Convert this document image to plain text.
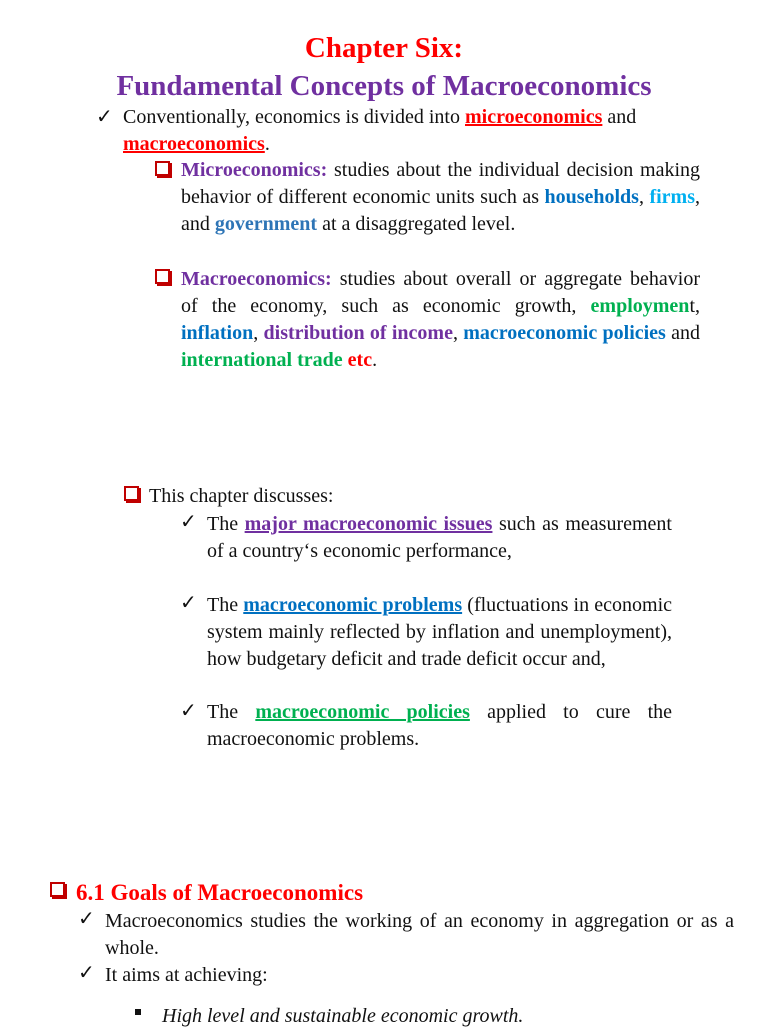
Chapter Six:
Fundamental Concepts of Macroeconomics
✓ Conventionally, economics is divided into microeconomics and
macroeconomics.
Microeconomics: studies about the individual decision making behavior of different economic units such as households, firms, and government at a disaggregated level.
Macroeconomics: studies about overall or aggregate behavior of the economy, such as economic growth, employment, inflation, distribution of income, macroeconomic policies and international trade etc.
This chapter discusses:
✓ The major macroeconomic issues such as measurement of a country‘s economic performance,
✓ The macroeconomic problems (fluctuations in economic system mainly reflected by inflation and unemployment), how budgetary deficit and trade deficit occur and,
✓ The macroeconomic policies applied to cure the macroeconomic problems.
6.1 Goals of Macroeconomics
✓ Macroeconomics studies the working of an economy in aggregation or as a whole.
✓ It aims at achieving:
High level and sustainable economic growth.
